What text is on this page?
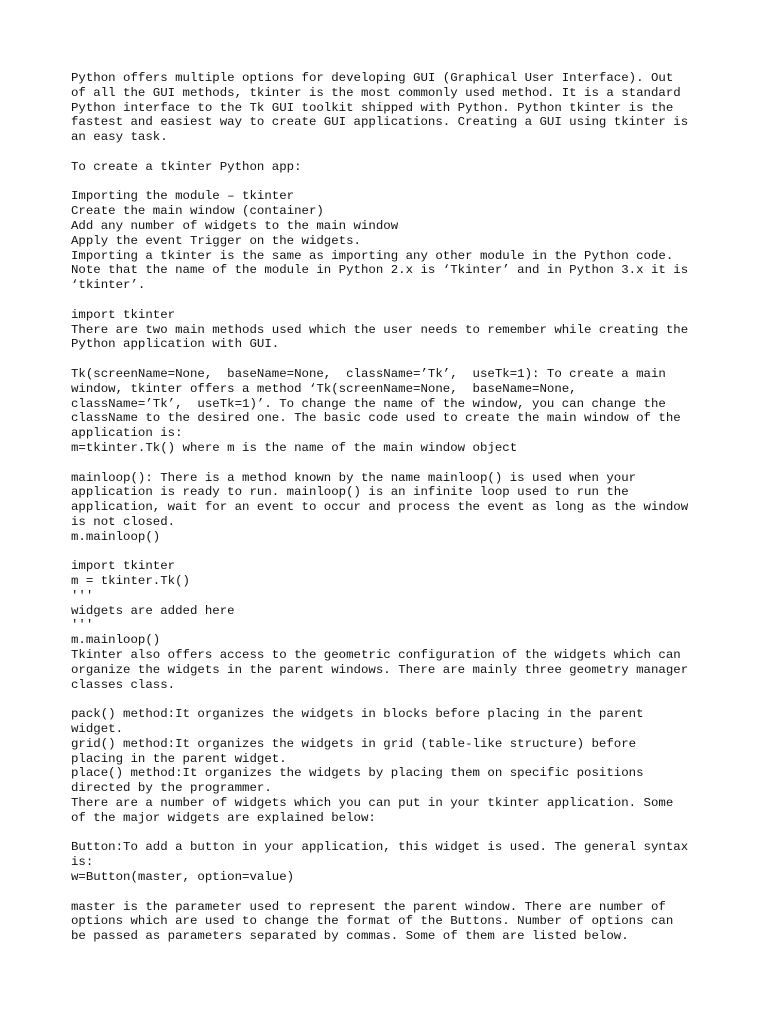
Python offers multiple options for developing GUI (Graphical User Interface). Out
of all the GUI methods, tkinter is the most commonly used method. It is a standard
Python interface to the Tk GUI toolkit shipped with Python. Python tkinter is the
fastest and easiest way to create GUI applications. Creating a GUI using tkinter is
an easy task.
To create a tkinter Python app:
Importing the module – tkinter
Create the main window (container)
Add any number of widgets to the main window
Apply the event Trigger on the widgets.
Importing a tkinter is the same as importing any other module in the Python code.
Note that the name of the module in Python 2.x is ‘Tkinter’ and in Python 3.x it is
‘tkinter’.
import tkinter
There are two main methods used which the user needs to remember while creating the
Python application with GUI.
Tk(screenName=None,  baseName=None,  className=’Tk’,  useTk=1): To create a main
window, tkinter offers a method ‘Tk(screenName=None,  baseName=None,
className=’Tk’,  useTk=1)’. To change the name of the window, you can change the
className to the desired one. The basic code used to create the main window of the
application is:
m=tkinter.Tk() where m is the name of the main window object
mainloop(): There is a method known by the name mainloop() is used when your
application is ready to run. mainloop() is an infinite loop used to run the
application, wait for an event to occur and process the event as long as the window
is not closed.
m.mainloop()
import tkinter
m = tkinter.Tk()
'''
widgets are added here
'''
m.mainloop()
Tkinter also offers access to the geometric configuration of the widgets which can
organize the widgets in the parent windows. There are mainly three geometry manager
classes class.
pack() method:It organizes the widgets in blocks before placing in the parent
widget.
grid() method:It organizes the widgets in grid (table-like structure) before
placing in the parent widget.
place() method:It organizes the widgets by placing them on specific positions
directed by the programmer.
There are a number of widgets which you can put in your tkinter application. Some
of the major widgets are explained below:
Button:To add a button in your application, this widget is used. The general syntax
is:
w=Button(master, option=value)
master is the parameter used to represent the parent window. There are number of
options which are used to change the format of the Buttons. Number of options can
be passed as parameters separated by commas. Some of them are listed below.
